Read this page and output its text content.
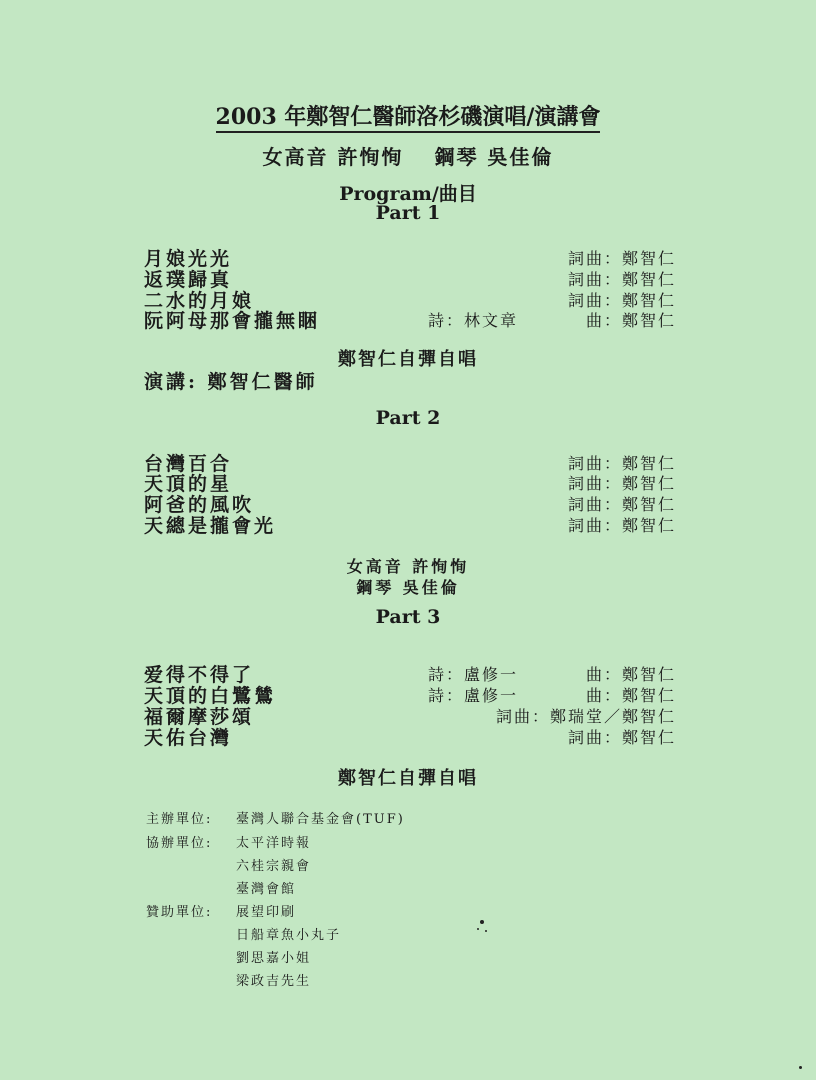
2003 年鄭智仁醫師洛杉磯演唱/演講會
女高音 許恂恂　 鋼琴 吳佳倫
Program/曲目
Part 1
月娘光光	詞曲：鄭智仁
返璞歸真	詞曲：鄭智仁
二水的月娘	詞曲：鄭智仁
阮阿母那會攏無睏	詩：林文章	曲：鄭智仁
鄭智仁自彈自唱
演講: 鄭智仁醫師
Part 2
台灣百合	詞曲：鄭智仁
天頂的星	詞曲：鄭智仁
阿爸的風吹	詞曲：鄭智仁
天總是攏會光	詞曲：鄭智仁
女高音 許恂恂
鋼琴 吳佳倫
Part 3
爱得不得了	詩：盧修一	曲：鄭智仁
天頂的白鷺鷥	詩：盧修一	曲：鄭智仁
福爾摩莎頌	詞曲：鄭瑞堂／鄭智仁
天佑台灣	詞曲：鄭智仁
鄭智仁自彈自唱
主辦單位: 臺灣人聯合基金會(TUF)
協辦單位: 太平洋時報
六桂宗親會
臺灣會館
贊助單位: 展望印刷
日船章魚小丸子
劉思嘉小姐
梁政吉先生
